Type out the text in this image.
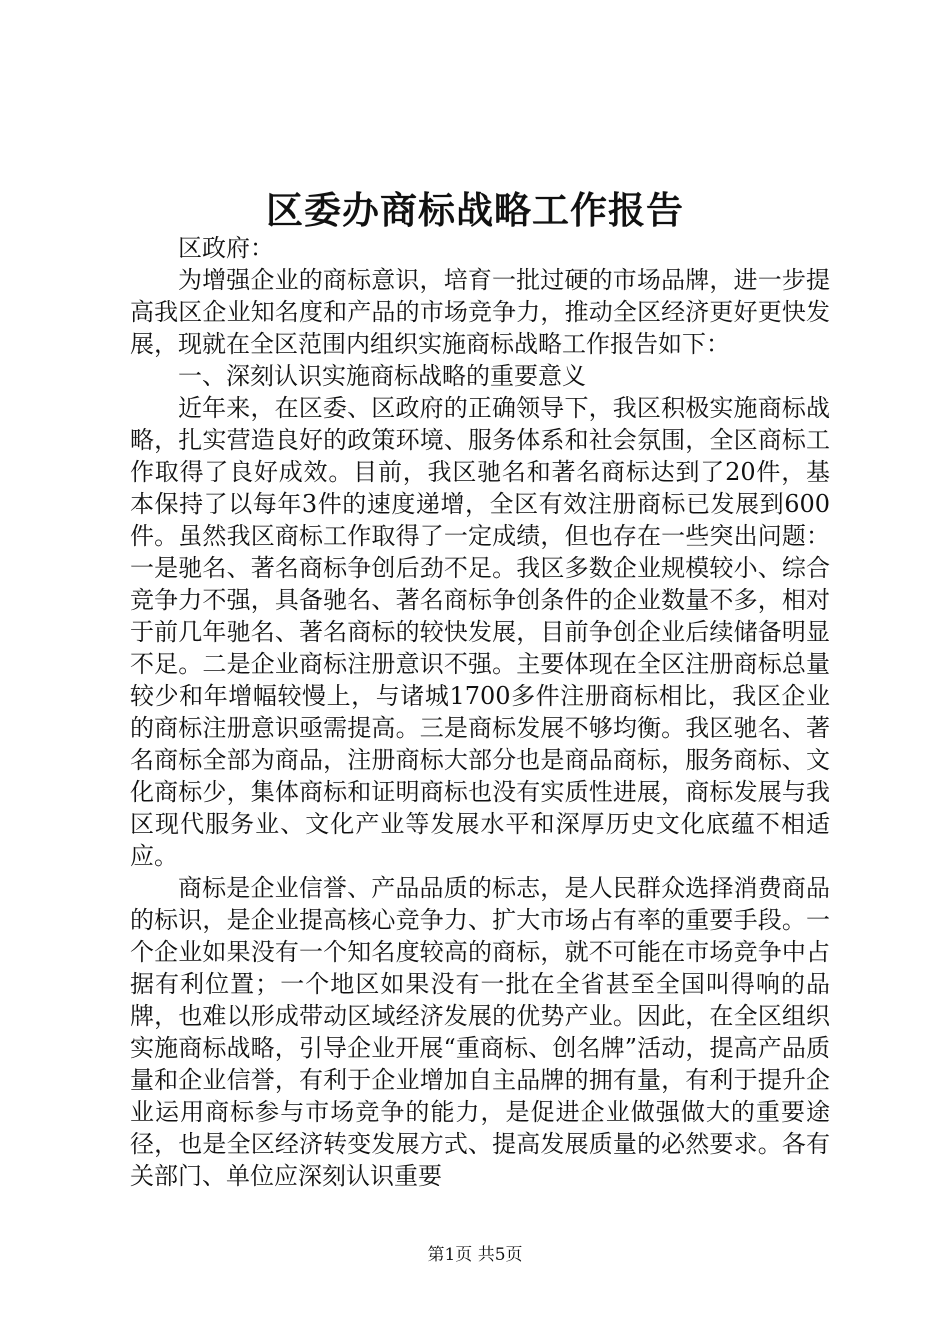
区委办商标战略工作报告

区政府：

为增强企业的商标意识，培育一批过硬的市场品牌，进一步提高我区企业知名度和产品的市场竞争力，推动全区经济更好更快发展，现就在全区范围内组织实施商标战略工作报告如下：

一、深刻认识实施商标战略的重要意义

近年来，在区委、区政府的正确领导下，我区积极实施商标战略，扎实营造良好的政策环境、服务体系和社会氛围，全区商标工作取得了良好成效。目前，我区驰名和著名商标达到了20件，基本保持了以每年3件的速度递增，全区有效注册商标已发展到600件。虽然我区商标工作取得了一定成绩，但也存在一些突出问题：一是驰名、著名商标争创后劲不足。我区多数企业规模较小、综合竞争力不强，具备驰名、著名商标争创条件的企业数量不多，相对于前几年驰名、著名商标的较快发展，目前争创企业后续储备明显不足。二是企业商标注册意识不强。主要体现在全区注册商标总量较少和年增幅较慢上，与诸城1700多件注册商标相比，我区企业的商标注册意识亟需提高。三是商标发展不够均衡。我区驰名、著名商标全部为商品，注册商标大部分也是商品商标，服务商标、文化商标少，集体商标和证明商标也没有实质性进展，商标发展与我区现代服务业、文化产业等发展水平和深厚历史文化底蕴不相适应。

商标是企业信誉、产品品质的标志，是人民群众选择消费商品的标识，是企业提高核心竞争力、扩大市场占有率的重要手段。一个企业如果没有一个知名度较高的商标，就不可能在市场竞争中占据有利位置；一个地区如果没有一批在全省甚至全国叫得响的品牌，也难以形成带动区域经济发展的优势产业。因此，在全区组织实施商标战略，引导企业开展“重商标、创名牌”活动，提高产品质量和企业信誉，有利于企业增加自主品牌的拥有量，有利于提升企业运用商标参与市场竞争的能力，是促进企业做强做大的重要途径，也是全区经济转变发展方式、提高发展质量的必然要求。各有关部门、单位应深刻认识重要

第1页 共5页
